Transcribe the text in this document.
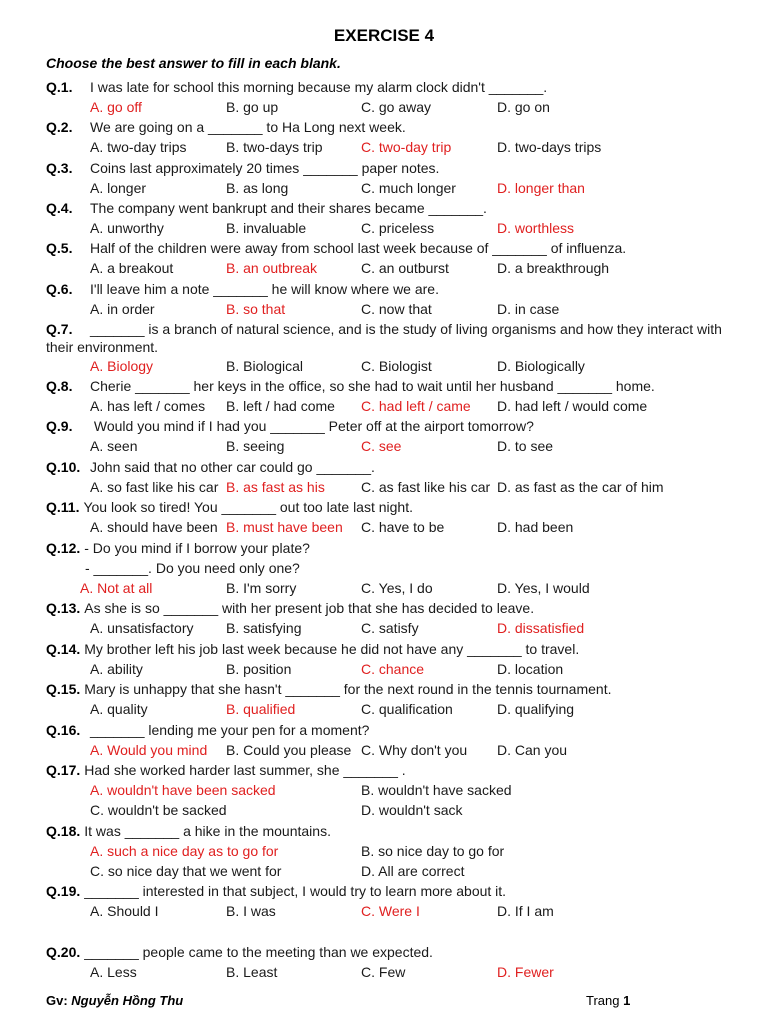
EXERCISE 4
Choose the best answer to fill in each blank.
Q.1. I was late for school this morning because my alarm clock didn't _______.
A. go off	B. go up	C. go away	D. go on
Q.2. We are going on a _______ to Ha Long next week.
A. two-day trips	B. two-days trip	C. two-day trip	D. two-days trips
Q.3. Coins last approximately 20 times _______ paper notes.
A. longer	B. as long	C. much longer	D. longer than
Q.4. The company went bankrupt and their shares became _______.
A. unworthy	B. invaluable	C. priceless	D. worthless
Q.5. Half of the children were away from school last week because of _______ of influenza.
A. a breakout	B. an outbreak	C. an outburst	D. a breakthrough
Q.6. I'll leave him a note _______ he will know where we are.
A. in order	B. so that	C. now that	D. in case
Q.7. _______ is a branch of natural science, and is the study of living organisms and how they interact with
their environment.
A. Biology	B. Biological	C. Biologist	D. Biologically
Q.8. Cherie _______ her keys in the office, so she had to wait until her husband _______ home.
A. has left / comes B. left / had come C. had left / came D. had left / would come
Q.9. Would you mind if I had you _______ Peter off at the airport tomorrow?
A. seen	B. seeing	C. see	D. to see
Q.10. John said that no other car could go _______.
A. so fast like his car B. as fast as his	C. as fast like his car D. as fast as the car of him
Q.11. You look so tired! You _______ out too late last night.
A. should have been B. must have been C. have to be	D. had been
Q.12. - Do you mind if I borrow your plate?
- _______. Do you need only one?
A. Not at all	B. I'm sorry	C. Yes, I do	D. Yes, I would
Q.13. As she is so _______ with her present job that she has decided to leave.
A. unsatisfactory B. satisfying	C. satisfy	D. dissatisfied
Q.14. My brother left his job last week because he did not have any _______ to travel.
A. ability	B. position	C. chance	D. location
Q.15. Mary is unhappy that she hasn't _______ for the next round in the tennis tournament.
A. quality	B. qualified	C. qualification	D. qualifying
Q.16. _______ lending me your pen for a moment?
A. Would you mind B. Could you please C. Why don't you D. Can you
Q.17. Had she worked harder last summer, she _______ .
A. wouldn't have been sacked	B. wouldn't have sacked
C. wouldn't be sacked	D. wouldn't sack
Q.18. It was _______ a hike in the mountains.
A. such a nice day as to go for	B. so nice day to go for
C. so nice day that we went for	D. All are correct
Q.19. _______ interested in that subject, I would try to learn more about it.
A. Should I	B. I was	C. Were I	D. If I am
Q.20. _______ people came to the meeting than we expected.
A. Less	B. Least	C. Few	D. Fewer
Gv: Nguyễn Hồng Thu	Trang 1
